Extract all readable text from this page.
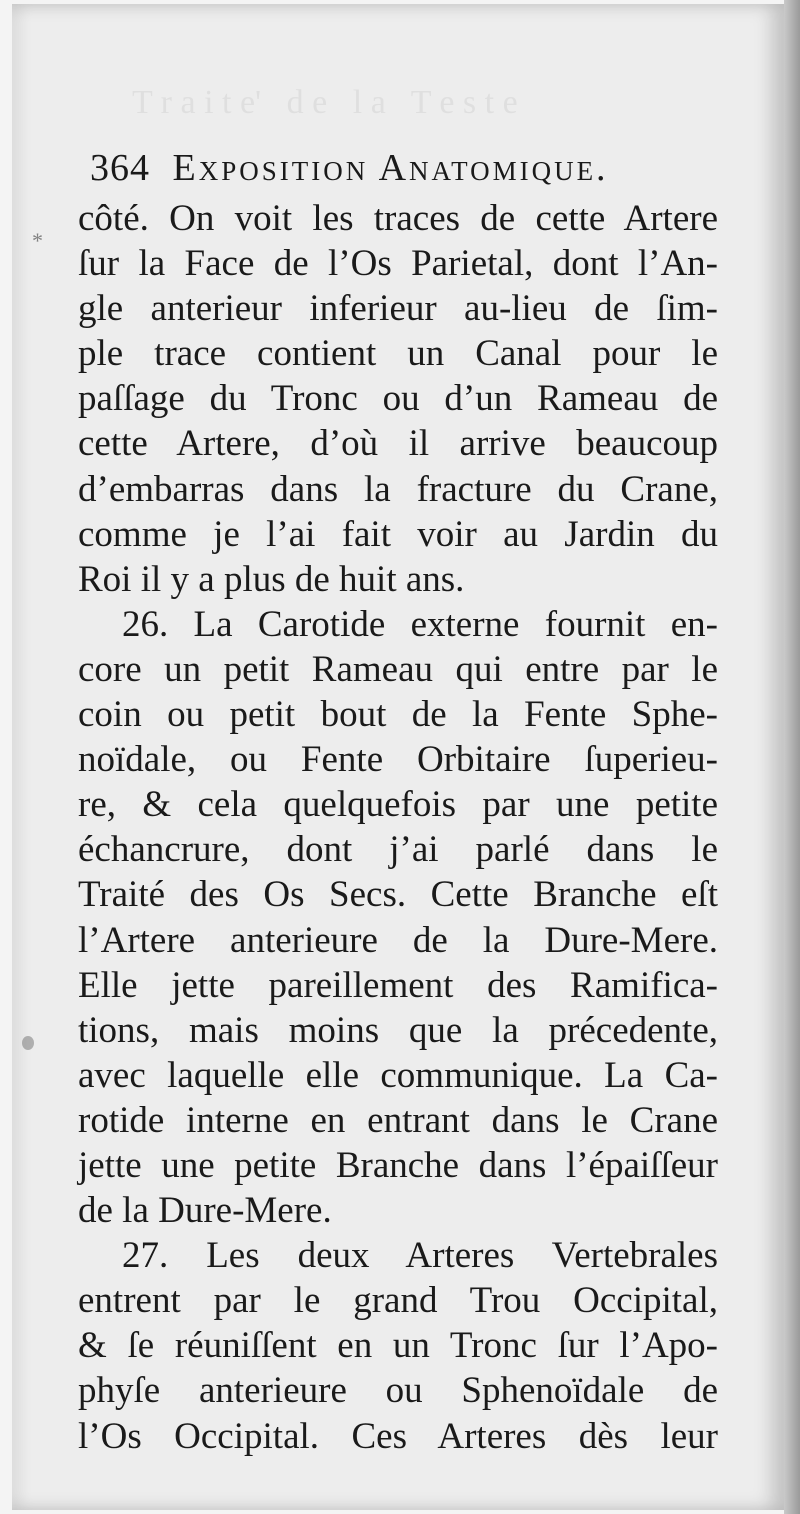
T r a i t e'   d e   l a   T e s t e
*
364 Exposition Anatomique.
côté. On voit les traces de cette Artere
ſur la Face de l’Os Parietal, dont l’An-
gle anterieur inferieur au-lieu de ſim-
ple trace contient un Canal pour le
paſſage du Tronc ou d’un Rameau de
cette Artere, d’où il arrive beaucoup
d’embarras dans la fracture du Crane,
comme je l’ai fait voir au Jardin du
Roi il y a plus de huit ans.
26. La Carotide externe fournit en-
core un petit Rameau qui entre par le
coin ou petit bout de la Fente Sphe-
noïdale, ou Fente Orbitaire ſuperieu-
re, & cela quelquefois par une petite
échancrure, dont j’ai parlé dans le
Traité des Os Secs. Cette Branche eſt
l’Artere anterieure de la Dure-Mere.
Elle jette pareillement des Ramifica-
tions, mais moins que la précedente,
avec laquelle elle communique. La Ca-
rotide interne en entrant dans le Crane
jette une petite Branche dans l’épaiſſeur
de la Dure-Mere.
27. Les deux Arteres Vertebrales
entrent par le grand Trou Occipital,
& ſe réuniſſent en un Tronc ſur l’Apo-
phyſe anterieure ou Sphenoïdale de
l’Os Occipital. Ces Arteres dès leur
